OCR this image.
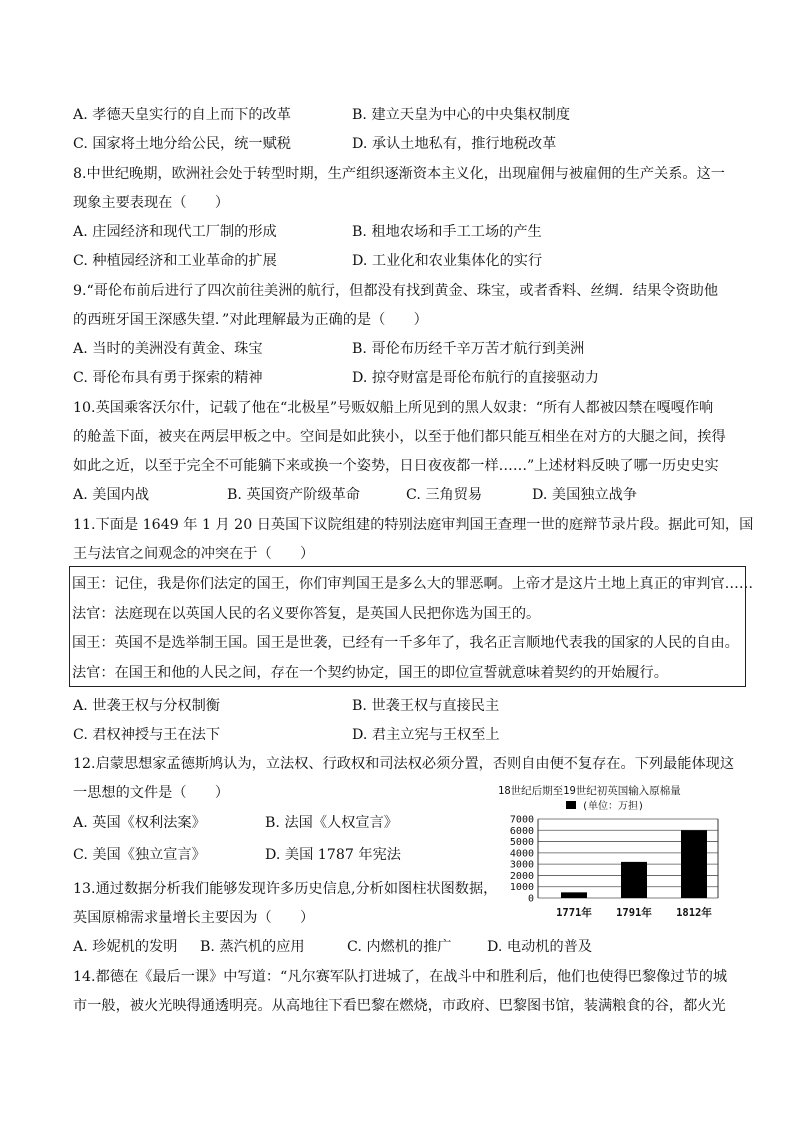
A. 孝德天皇实行的自上而下的改革	B. 建立天皇为中心的中央集权制度
C. 国家将土地分给公民，统一赋税	D. 承认土地私有，推行地税改革
8.中世纪晚期，欧洲社会处于转型时期，生产组织逐渐资本主义化，出现雇佣与被雇佣的生产关系。这一
现象主要表现在（　　）
A. 庄园经济和现代工厂制的形成	B. 租地农场和手工工场的产生
C. 种植园经济和工业革命的扩展	D. 工业化和农业集体化的实行
9.“哥伦布前后进行了四次前往美洲的航行，但都没有找到黄金、珠宝，或者香料、丝绸．结果令资助他
的西班牙国王深感失望．”对此理解最为正确的是（　　）
A. 当时的美洲没有黄金、珠宝	B. 哥伦布历经千辛万苦才航行到美洲
C. 哥伦布具有勇于探索的精神	D. 掠夺财富是哥伦布航行的直接驱动力
10.英国乘客沃尔什，记载了他在“北极星”号贩奴船上所见到的黑人奴隶：“所有人都被囚禁在嘎嘎作响
的舱盖下面，被夹在两层甲板之中。空间是如此狭小，以至于他们都只能互相坐在对方的大腿之间，挨得
如此之近，以至于完全不可能躺下来或换一个姿势，日日夜夜都一样……”上述材料反映了哪一历史史实
A. 美国内战	B. 英国资产阶级革命	C. 三角贸易	D. 美国独立战争
11.下面是 1649 年 1 月 20 日英国下议院组建的特别法庭审判国王查理一世的庭辩节录片段。据此可知，国
王与法官之间观念的冲突在于（　　）
国王：记住，我是你们法定的国王，你们审判国王是多么大的罪恶啊。上帝才是这片土地上真正的审判官……
法官：法庭现在以英国人民的名义要你答复，是英国人民把你选为国王的。
国王：英国不是选举制王国。国王是世袭，已经有一千多年了，我名正言顺地代表我的国家的人民的自由。
法官：在国王和他的人民之间，存在一个契约协定，国王的即位宣誓就意味着契约的开始履行。
A. 世袭王权与分权制衡	B. 世袭王权与直接民主
C. 君权神授与王在法下	D. 君主立宪与王权至上
12.启蒙思想家孟德斯鸠认为，立法权、行政权和司法权必须分置，否则自由便不复存在。下列最能体现这
一思想的文件是（　　）
A. 英国《权利法案》	B. 法国《人权宣言》
C. 美国《独立宣言》	D. 美国 1787 年宪法
13.通过数据分析我们能够发现许多历史信息,分析如图柱状图数据，
英国原棉需求量增长主要因为（　　）
A. 珍妮机的发明 B. 蒸汽机的应用	C. 内燃机的推广	D. 电动机的普及
14.都德在《最后一课》中写道：“凡尔赛军队打进城了，在战斗中和胜利后，他们也使得巴黎像过节的城
市一般，被火光映得通透明亮。从高地往下看巴黎在燃烧，市政府、巴黎图书馆，装满粮食的谷，都火光
18世纪后期至19世纪初英国输入原棉量
(单位：万担)
0
1000
2000
3000
4000
5000
6000
7000
1771年 1791年 1812年
